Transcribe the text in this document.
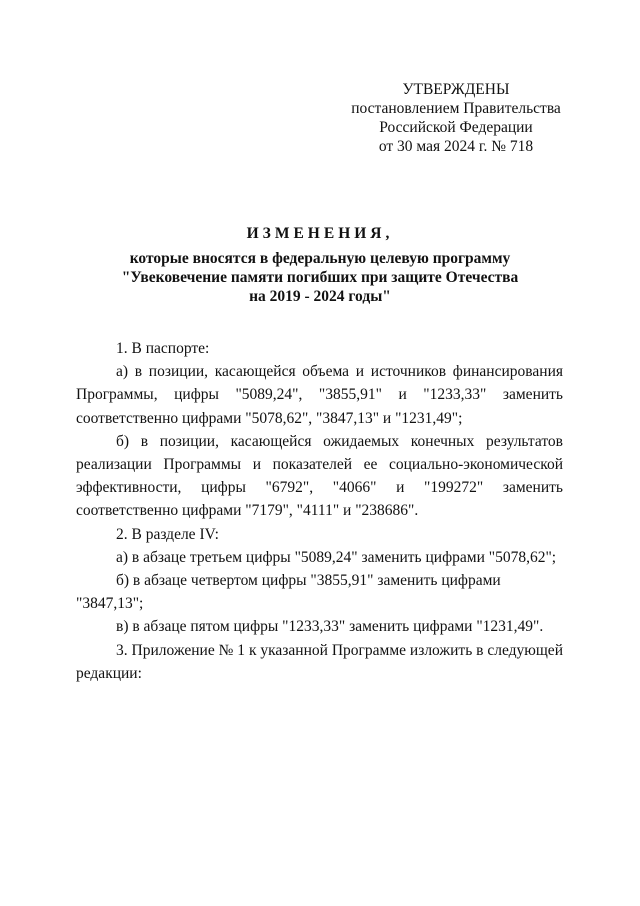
УТВЕРЖДЕНЫ
постановлением Правительства
Российской Федерации
от 30 мая 2024 г. № 718
ИЗМЕНЕНИЯ,
которые вносятся в федеральную целевую программу
"Увековечение памяти погибших при защите Отечества
на 2019 - 2024 годы"

1. В паспорте:

а) в позиции, касающейся объема и источников финансирования Программы, цифры "5089,24", "3855,91" и "1233,33" заменить соответственно цифрами "5078,62", "3847,13" и "1231,49";

б) в позиции, касающейся ожидаемых конечных результатов реализации Программы и показателей ее социально-экономической эффективности, цифры "6792", "4066" и "199272" заменить соответственно цифрами "7179", "4111" и "238686".

2. В разделе IV:

а) в абзаце третьем цифры "5089,24" заменить цифрами "5078,62";

б) в абзаце четвертом цифры "3855,91" заменить цифрами "3847,13";

в) в абзаце пятом цифры "1233,33" заменить цифрами "1231,49".

3. Приложение № 1 к указанной Программе изложить в следующей редакции:
